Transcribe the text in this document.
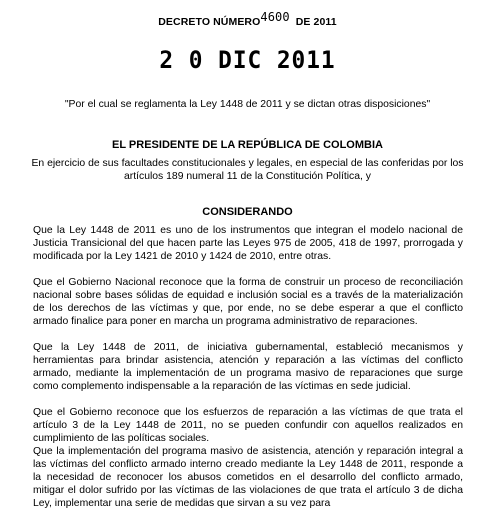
DECRETO NÚMERO4600 DE 2011
2 0 DIC 2011
"Por el cual se reglamenta la Ley 1448 de 2011 y se dictan otras disposiciones"
EL PRESIDENTE DE LA REPÚBLICA DE COLOMBIA
En ejercicio de sus facultades constitucionales y legales, en especial de las conferidas por los artículos 189 numeral 11 de la Constitución Política, y
CONSIDERANDO

Que la Ley 1448 de 2011 es uno de los instrumentos que integran el modelo nacional de Justicia Transicional del que hacen parte las Leyes 975 de 2005, 418 de 1997, prorrogada y modificada por la Ley 1421 de 2010 y 1424 de 2010, entre otras.

Que el Gobierno Nacional reconoce que la forma de construir un proceso de reconciliación nacional sobre bases sólidas de equidad e inclusión social es a través de la materialización de los derechos de las víctimas y que, por ende, no se debe esperar a que el conflicto armado finalice para poner en marcha un programa administrativo de reparaciones.

Que la Ley 1448 de 2011, de iniciativa gubernamental, estableció mecanismos y herramientas para brindar asistencia, atención y reparación a las víctimas del conflicto armado, mediante la implementación de un programa masivo de reparaciones que surge como complemento indispensable a la reparación de las víctimas en sede judicial.

Que el Gobierno reconoce que los esfuerzos de reparación a las víctimas de que trata el artículo 3 de la Ley 1448 de 2011, no se pueden confundir con aquellos realizados en cumplimiento de las políticas sociales.

Que la implementación del programa masivo de asistencia, atención y reparación integral a las víctimas del conflicto armado interno creado mediante la Ley 1448 de 2011, responde a la necesidad de reconocer los abusos cometidos en el desarrollo del conflicto armado, mitigar el dolor sufrido por las víctimas de las violaciones de que trata el artículo 3 de dicha Ley, implementar una serie de medidas que sirvan a su vez para
